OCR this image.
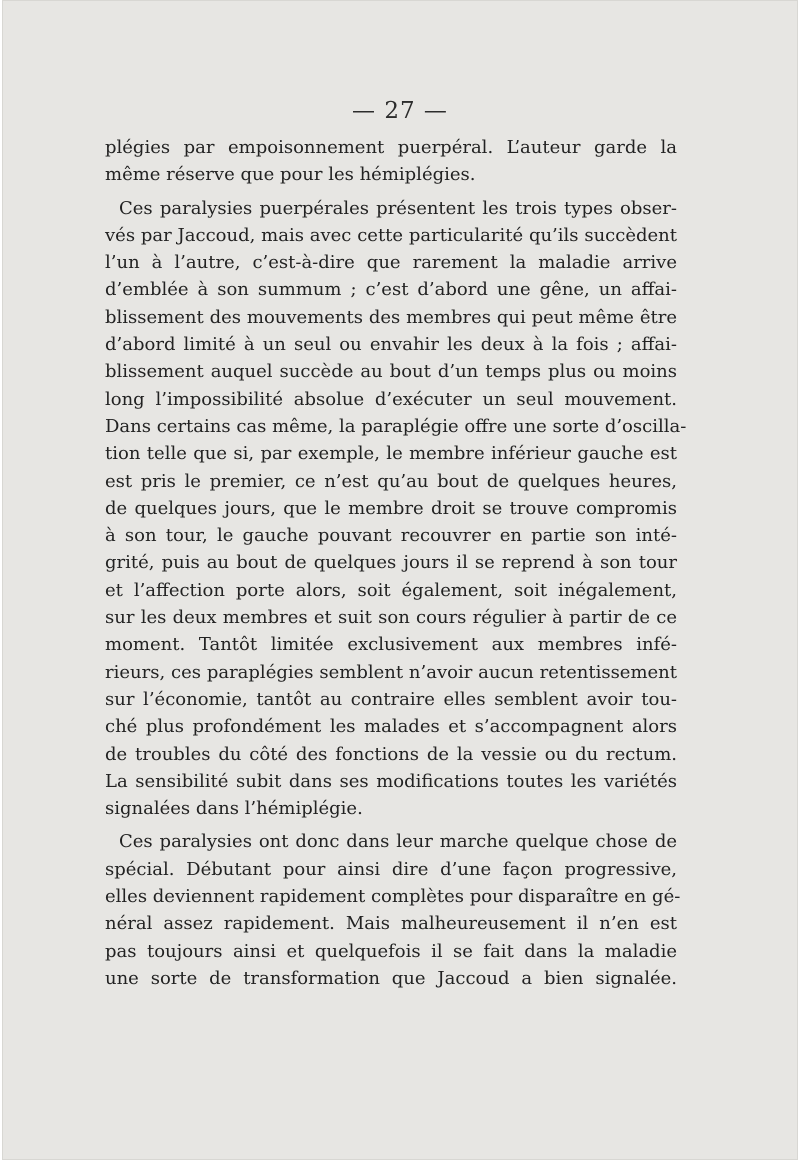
— 27 —
plégies par empoisonnement puerpéral. L’auteur garde la
même réserve que pour les hémiplégies.
Ces paralysies puerpérales présentent les trois types obser-
vés par Jaccoud, mais avec cette particularité qu’ils succèdent
l’un à l’autre, c’est-à-dire que rarement la maladie arrive
d’emblée à son summum ; c’est d’abord une gêne, un affai-
blissement des mouvements des membres qui peut même être
d’abord limité à un seul ou envahir les deux à la fois ; affai-
blissement auquel succède au bout d’un temps plus ou moins
long l’impossibilité absolue d’exécuter un seul mouvement.
Dans certains cas même, la paraplégie offre une sorte d’oscilla-
tion telle que si, par exemple, le membre inférieur gauche est
est pris le premier, ce n’est qu’au bout de quelques heures,
de quelques jours, que le membre droit se trouve compromis
à son tour, le gauche pouvant recouvrer en partie son inté-
grité, puis au bout de quelques jours il se reprend à son tour
et l’affection porte alors, soit également, soit inégalement,
sur les deux membres et suit son cours régulier à partir de ce
moment. Tantôt limitée exclusivement aux membres infé-
rieurs, ces paraplégies semblent n’avoir aucun retentissement
sur l’économie, tantôt au contraire elles semblent avoir tou-
ché plus profondément les malades et s’accompagnent alors
de troubles du côté des fonctions de la vessie ou du rectum.
La sensibilité subit dans ses modifications toutes les variétés
signalées dans l’hémiplégie.
Ces paralysies ont donc dans leur marche quelque chose de
spécial. Débutant pour ainsi dire d’une façon progressive,
elles deviennent rapidement complètes pour disparaître en gé-
néral assez rapidement. Mais malheureusement il n’en est
pas toujours ainsi et quelquefois il se fait dans la maladie
une sorte de transformation que Jaccoud a bien signalée.
